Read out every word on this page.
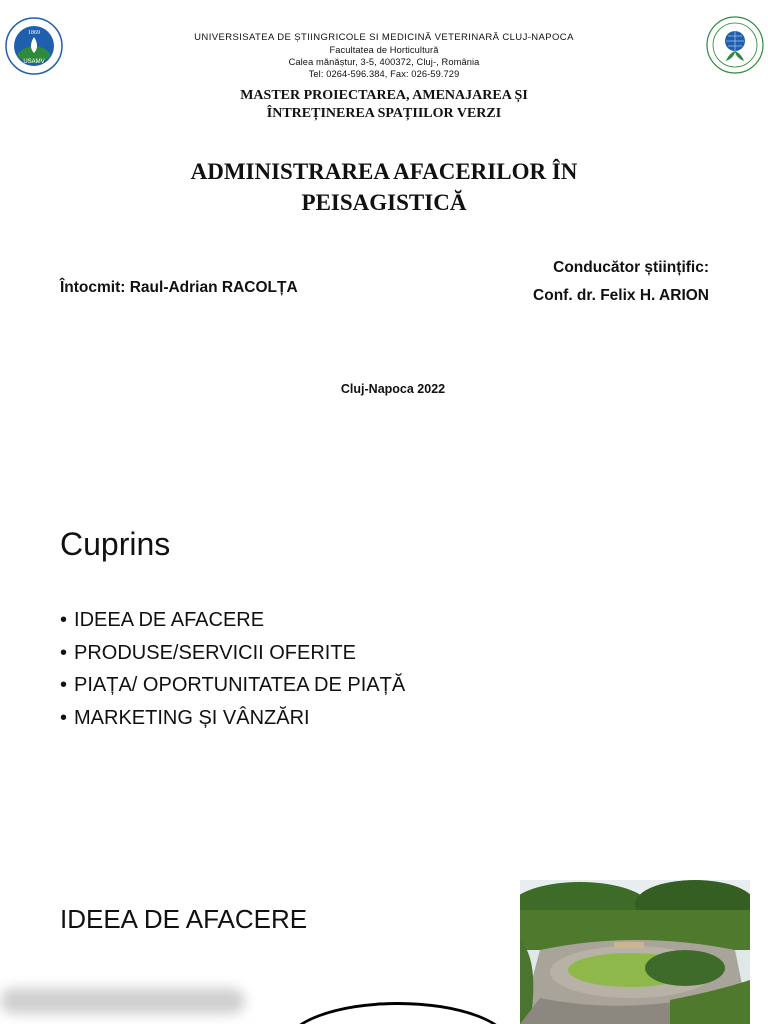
1869
USAMV
UNIVERSISATEA DE ȘTIINGRICOLE SI MEDICINĂ VETERINARĂ CLUJ-NAPOCA
Facultatea de Horticultură
Calea mănăștur, 3-5, 400372, Cluj-, România
Tel: 0264-596.384, Fax: 026-59.729
MASTER PROIECTAREA, AMENAJAREA ȘI
ÎNTREȚINEREA SPAȚIILOR VERZI
ADMINISTRAREA AFACERILOR ÎN
PEISAGISTICĂ
Întocmit: Raul-Adrian RACOLȚA
Conducător științific:
Conf. dr. Felix H. ARION
Cluj-Napoca 2022
Cuprins
• IDEEA DE AFACERE
• PRODUSE/SERVICII OFERITE
• PIAȚA/ OPORTUNITATEA DE PIAȚĂ
• MARKETING ȘI VÂNZĂRI
IDEEA DE AFACERE
